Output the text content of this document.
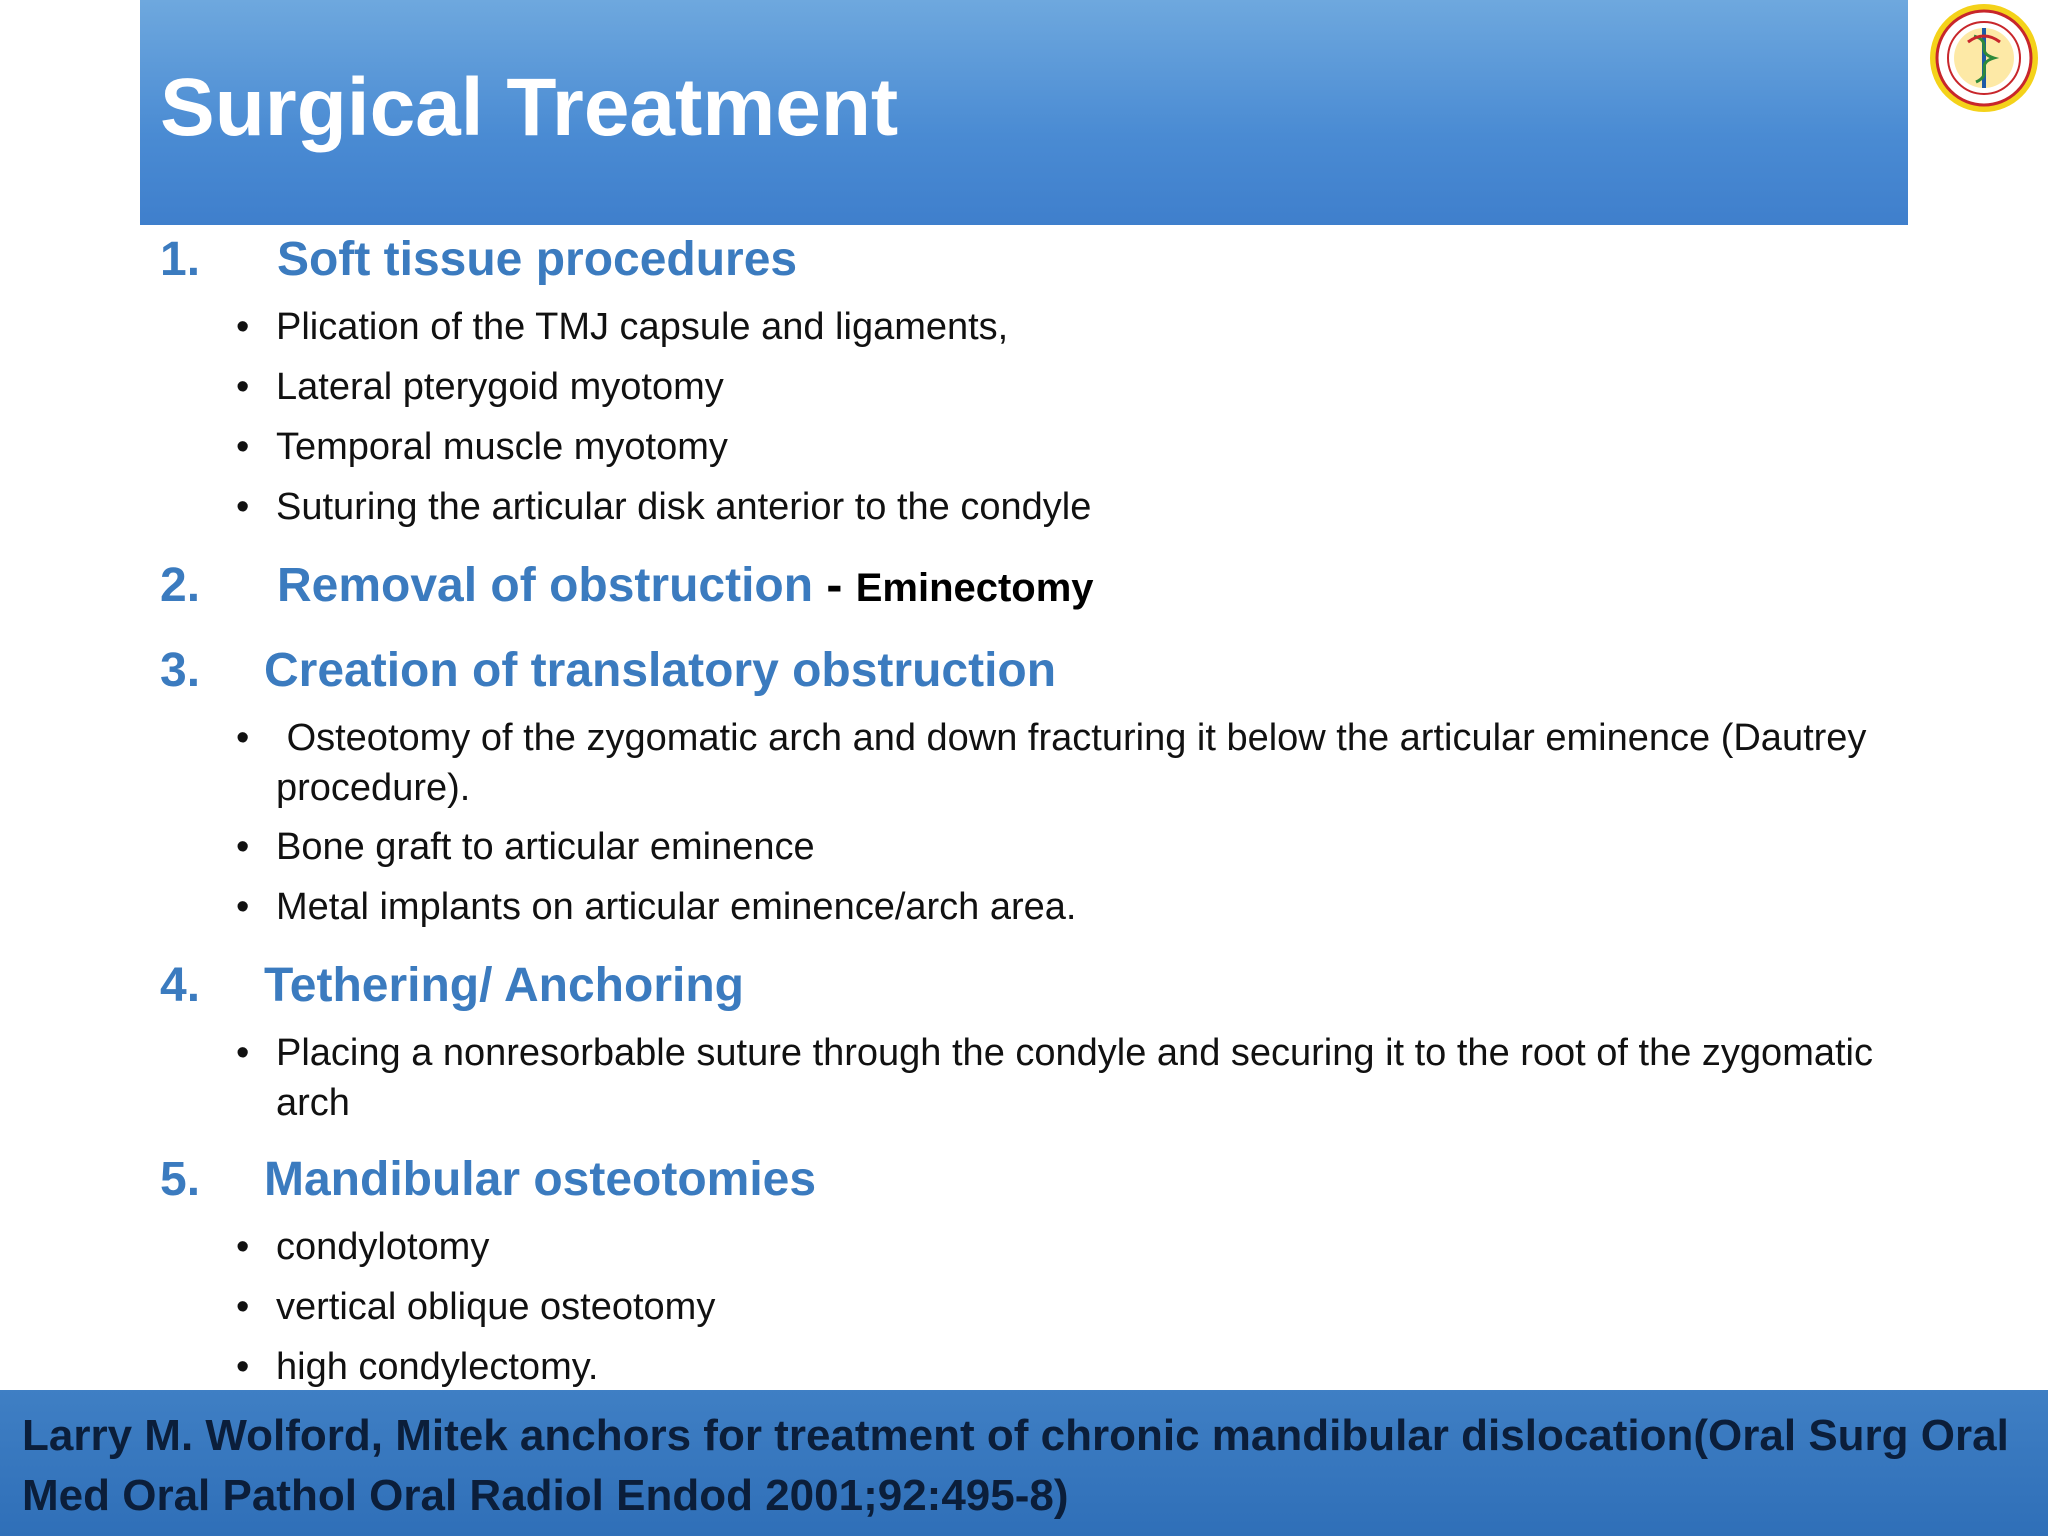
Surgical Treatment
1. Soft tissue procedures
• Plication of the TMJ capsule and ligaments,
• Lateral pterygoid myotomy
• Temporal muscle myotomy
• Suturing the articular disk anterior to the condyle
2. Removal of obstruction - Eminectomy
3. Creation of translatory obstruction
• Osteotomy of the zygomatic arch and down fracturing it below the articular eminence (Dautrey procedure).
• Bone graft to articular eminence
• Metal implants on articular eminence/arch area.
4. Tethering/ Anchoring
• Placing a nonresorbable suture through the condyle and securing it to the root of the zygomatic arch
5. Mandibular osteotomies
• condylotomy
• vertical oblique osteotomy
• high condylectomy.
Larry M. Wolford, Mitek anchors for treatment of chronic mandibular dislocation(Oral Surg Oral Med Oral Pathol Oral Radiol Endod 2001;92:495-8)
